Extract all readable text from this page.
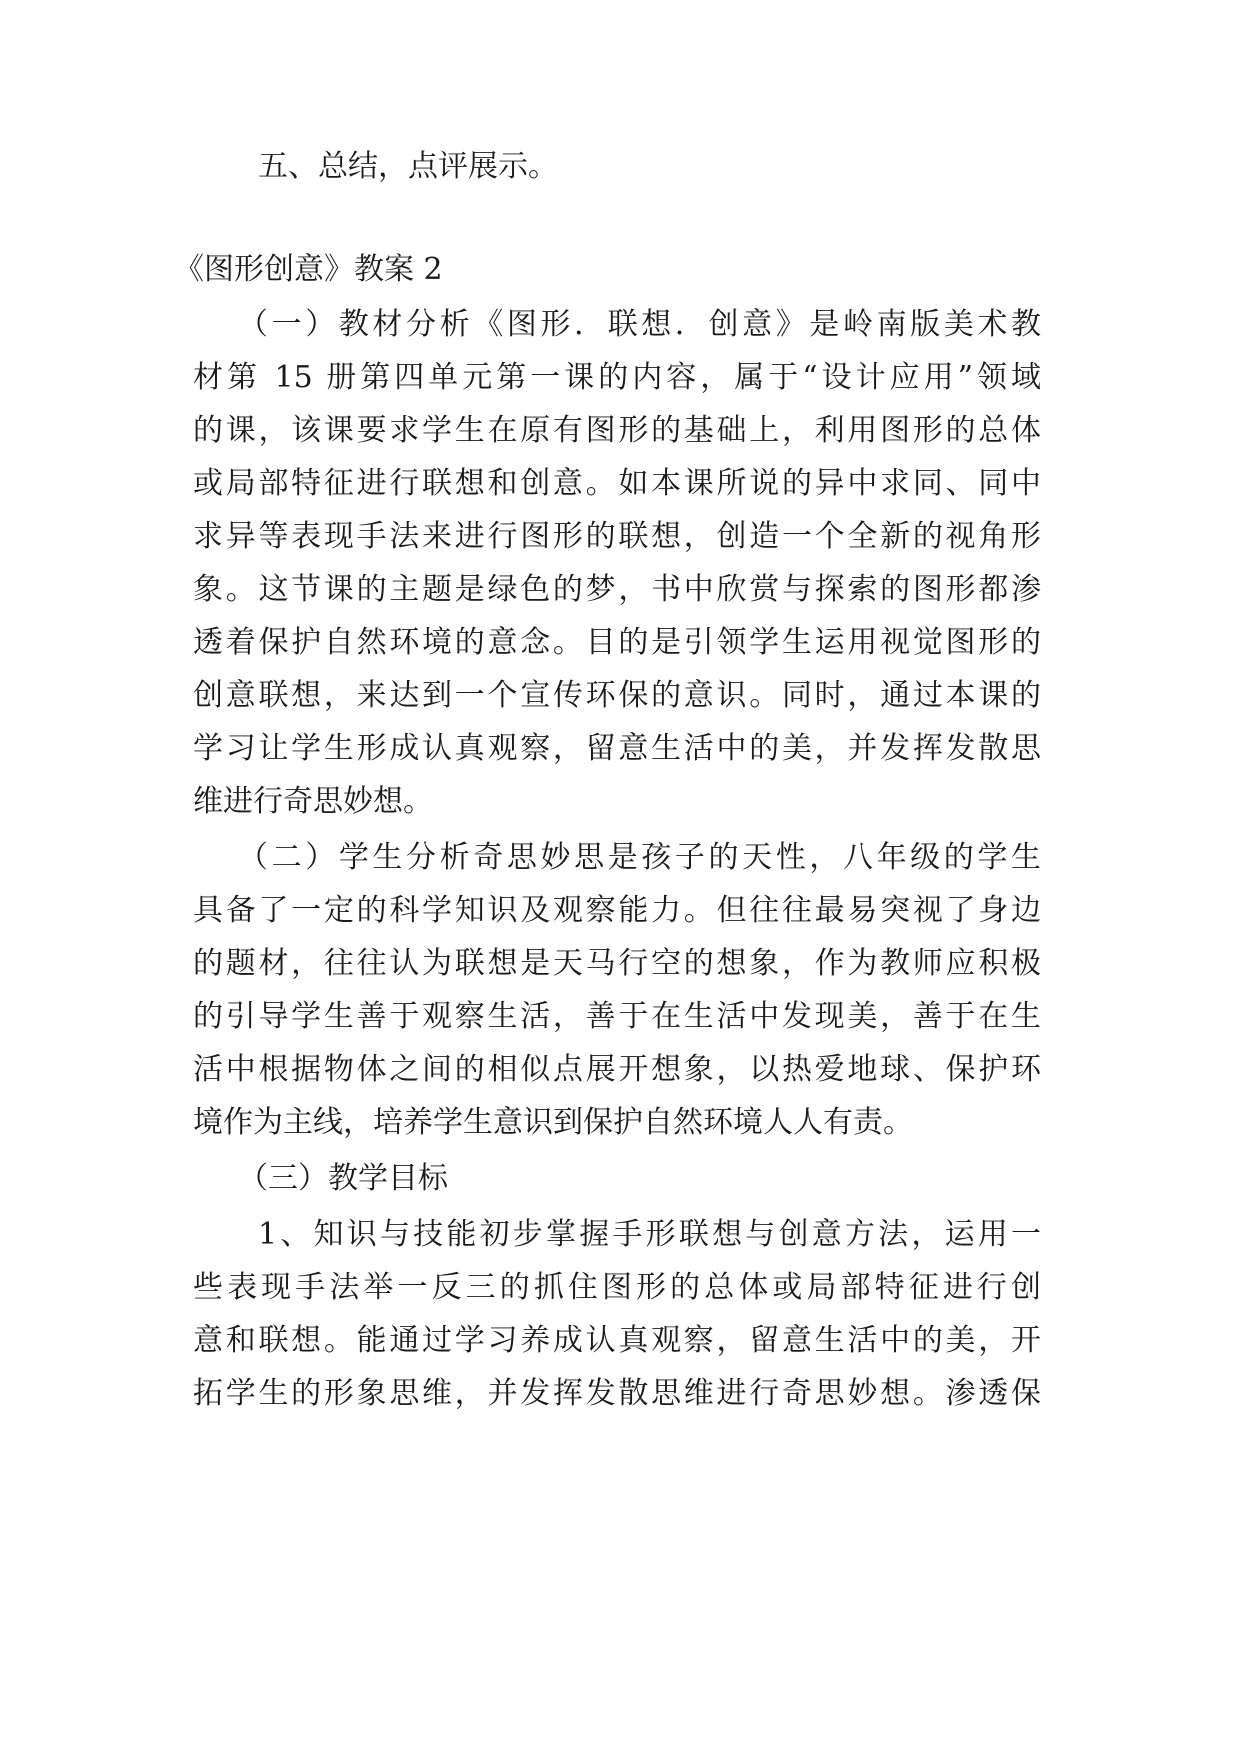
五、总结，点评展示。
《图形创意》教案 2
（一）教材分析《图形．联想．创意》是岭南版美术教
材第 15 册第四单元第一课的内容，属于“设计应用”领域
的课，该课要求学生在原有图形的基础上，利用图形的总体
或局部特征进行联想和创意。如本课所说的异中求同、同中
求异等表现手法来进行图形的联想，创造一个全新的视角形
象。这节课的主题是绿色的梦，书中欣赏与探索的图形都渗
透着保护自然环境的意念。目的是引领学生运用视觉图形的
创意联想，来达到一个宣传环保的意识。同时，通过本课的
学习让学生形成认真观察，留意生活中的美，并发挥发散思
维进行奇思妙想。
（二）学生分析奇思妙思是孩子的天性，八年级的学生
具备了一定的科学知识及观察能力。但往往最易突视了身边
的题材，往往认为联想是天马行空的想象，作为教师应积极
的引导学生善于观察生活，善于在生活中发现美，善于在生
活中根据物体之间的相似点展开想象，以热爱地球、保护环
境作为主线，培养学生意识到保护自然环境人人有责。
（三）教学目标
1、知识与技能初步掌握手形联想与创意方法，运用一
些表现手法举一反三的抓住图形的总体或局部特征进行创
意和联想。能通过学习养成认真观察，留意生活中的美，开
拓学生的形象思维，并发挥发散思维进行奇思妙想。渗透保
